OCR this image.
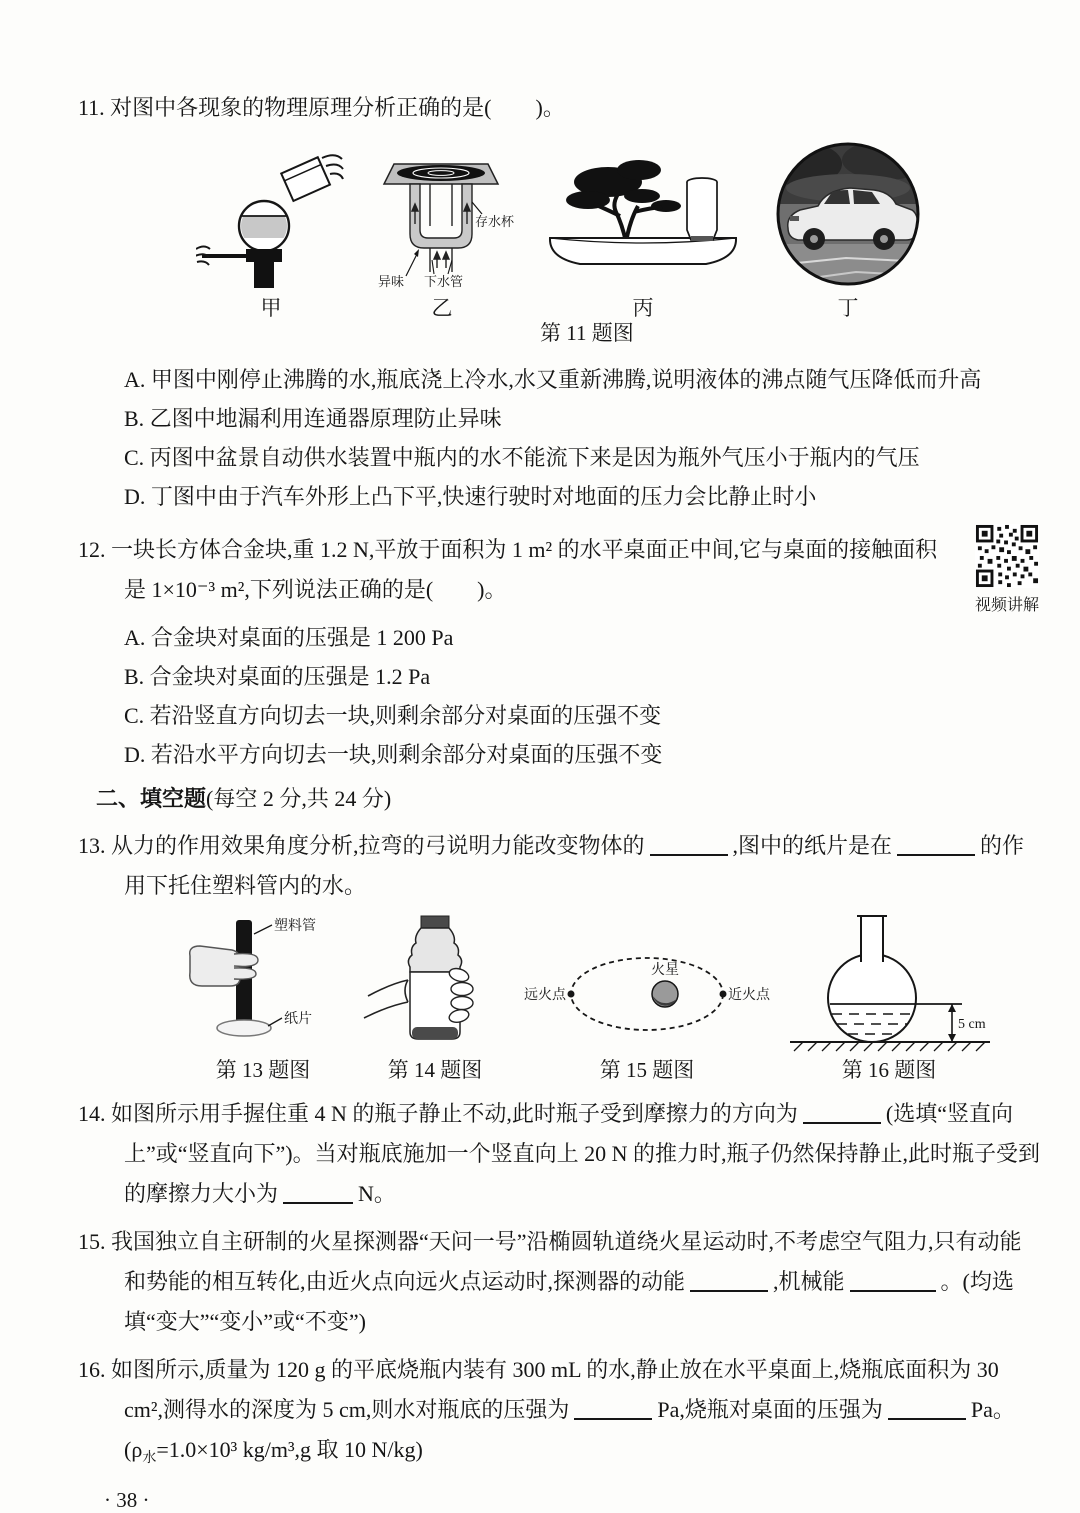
11. 对图中各现象的物理原理分析正确的是(　　)。

甲
存水杯
异味 下水管
乙	丙	丁

第 11 题图

A. 甲图中刚停止沸腾的水,瓶底浇上冷水,水又重新沸腾,说明液体的沸点随气压降低而升高

B. 乙图中地漏利用连通器原理防止异味

C. 丙图中盆景自动供水装置中瓶内的水不能流下来是因为瓶外气压小于瓶内的气压

D. 丁图中由于汽车外形上凸下平,快速行驶时对地面的压力会比静止时小

12. 一块长方体合金块,重 1.2 N,平放于面积为 1 m² 的水平桌面正中间,它与桌面的接触面积是 1×10⁻³ m²,下列说法正确的是(　　)。

视频讲解

A. 合金块对桌面的压强是 1 200 Pa

B. 合金块对桌面的压强是 1.2 Pa

C. 若沿竖直方向切去一块,则剩余部分对桌面的压强不变

D. 若沿水平方向切去一块,则剩余部分对桌面的压强不变

二、填空题(每空 2 分,共 24 分)

13. 从力的作用效果角度分析,拉弯的弓说明力能改变物体的	,图中的纸片是在	的作用下托住塑料管内的水。

塑料管
纸片
第 13 题图	第 14 题图
火星
远火点	近火点
第 15 题图
5 cm
第 16 题图

14. 如图所示用手握住重 4 N 的瓶子静止不动,此时瓶子受到摩擦力的方向为	(选填“竖直向上”或“竖直向下”)。当对瓶底施加一个竖直向上 20 N 的推力时,瓶子仍然保持静止,此时瓶子受到的摩擦力大小为	N。

15. 我国独立自主研制的火星探测器“天问一号”沿椭圆轨道绕火星运动时,不考虑空气阻力,只有动能和势能的相互转化,由近火点向远火点运动时,探测器的动能	,机械能	。(均选填“变大”“变小”或“不变”)

16. 如图所示,质量为 120 g 的平底烧瓶内装有 300 mL 的水,静止放在水平桌面上,烧瓶底面积为 30 cm²,测得水的深度为 5 cm,则水对瓶底的压强为	Pa,烧瓶对桌面的压强为	Pa。

($\rho_水=1.0\times 10^3$ kg/m³,g 取 10 N/kg)

· 38 ·
